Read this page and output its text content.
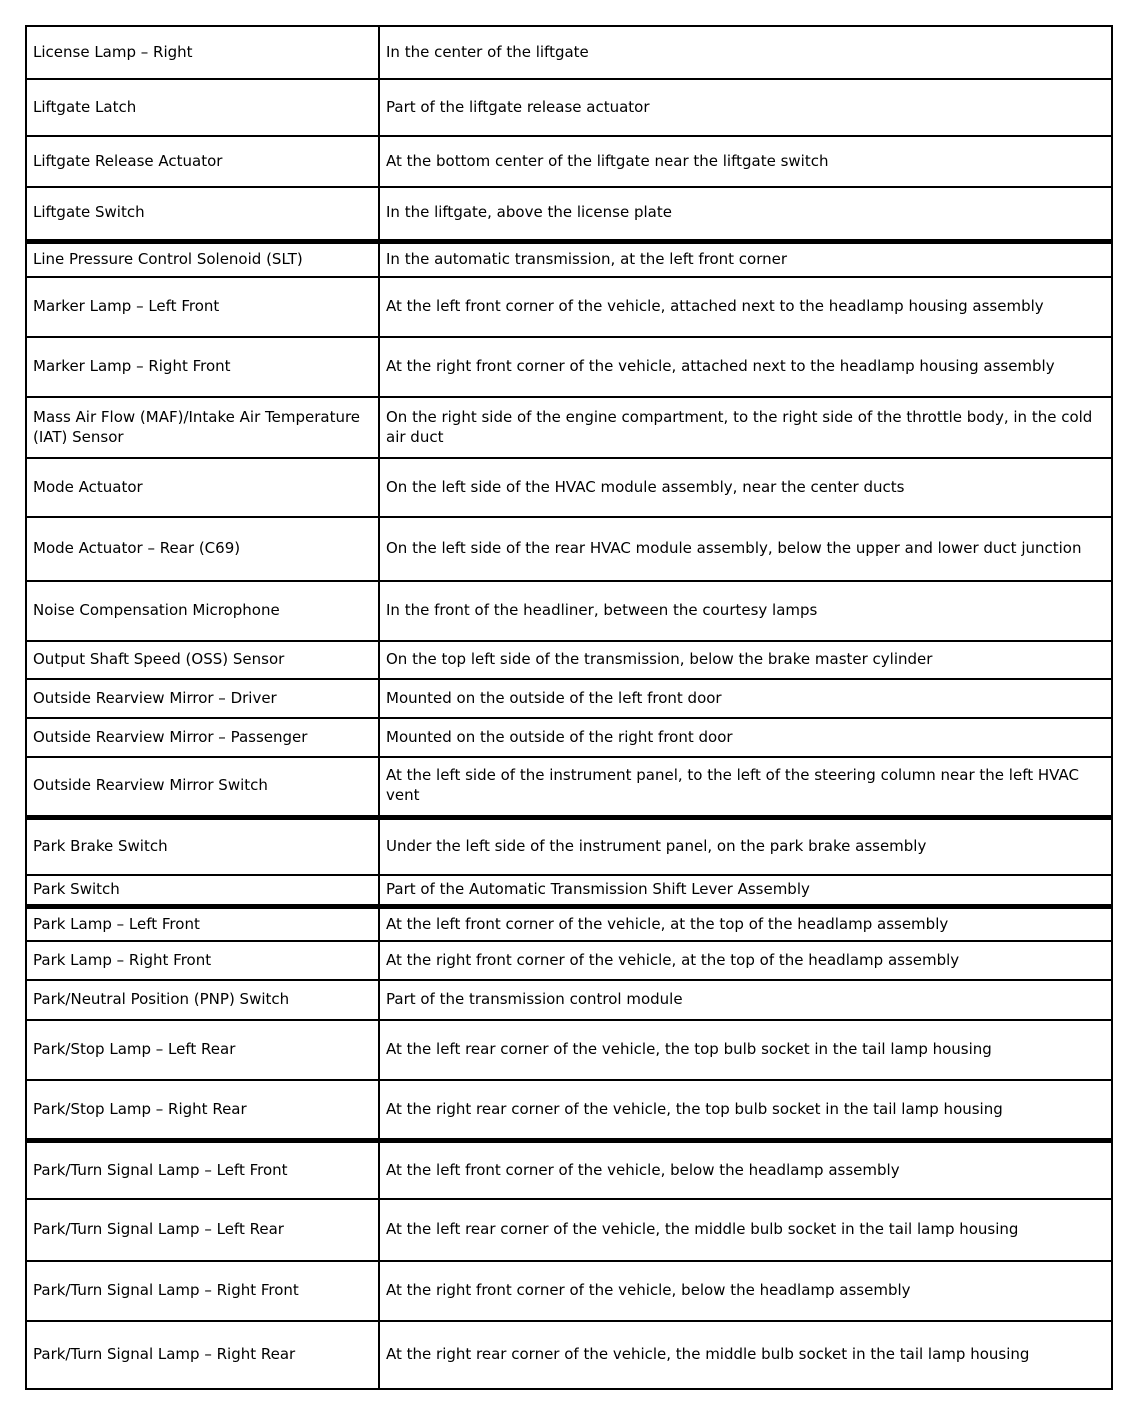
License Lamp – Right	In the center of the liftgate
Liftgate Latch	Part of the liftgate release actuator
Liftgate Release Actuator	At the bottom center of the liftgate near the liftgate switch
Liftgate Switch	In the liftgate, above the license plate
Line Pressure Control Solenoid (SLT)	In the automatic transmission, at the left front corner
Marker Lamp – Left Front	At the left front corner of the vehicle, attached next to the headlamp housing assembly
Marker Lamp – Right Front	At the right front corner of the vehicle, attached next to the headlamp housing assembly
Mass Air Flow (MAF)/Intake Air Temperature (IAT) Sensor	On the right side of the engine compartment, to the right side of the throttle body, in the cold air duct
Mode Actuator	On the left side of the HVAC module assembly, near the center ducts
Mode Actuator – Rear (C69)	On the left side of the rear HVAC module assembly, below the upper and lower duct junction
Noise Compensation Microphone	In the front of the headliner, between the courtesy lamps
Output Shaft Speed (OSS) Sensor	On the top left side of the transmission, below the brake master cylinder
Outside Rearview Mirror – Driver	Mounted on the outside of the left front door
Outside Rearview Mirror – Passenger	Mounted on the outside of the right front door
Outside Rearview Mirror Switch	At the left side of the instrument panel, to the left of the steering column near the left HVAC vent
Park Brake Switch	Under the left side of the instrument panel, on the park brake assembly
Park Switch	Part of the Automatic Transmission Shift Lever Assembly
Park Lamp – Left Front	At the left front corner of the vehicle, at the top of the headlamp assembly
Park Lamp – Right Front	At the right front corner of the vehicle, at the top of the headlamp assembly
Park/Neutral Position (PNP) Switch	Part of the transmission control module
Park/Stop Lamp – Left Rear	At the left rear corner of the vehicle, the top bulb socket in the tail lamp housing
Park/Stop Lamp – Right Rear	At the right rear corner of the vehicle, the top bulb socket in the tail lamp housing
Park/Turn Signal Lamp – Left Front	At the left front corner of the vehicle, below the headlamp assembly
Park/Turn Signal Lamp – Left Rear	At the left rear corner of the vehicle, the middle bulb socket in the tail lamp housing
Park/Turn Signal Lamp – Right Front	At the right front corner of the vehicle, below the headlamp assembly
Park/Turn Signal Lamp – Right Rear	At the right rear corner of the vehicle, the middle bulb socket in the tail lamp housing
